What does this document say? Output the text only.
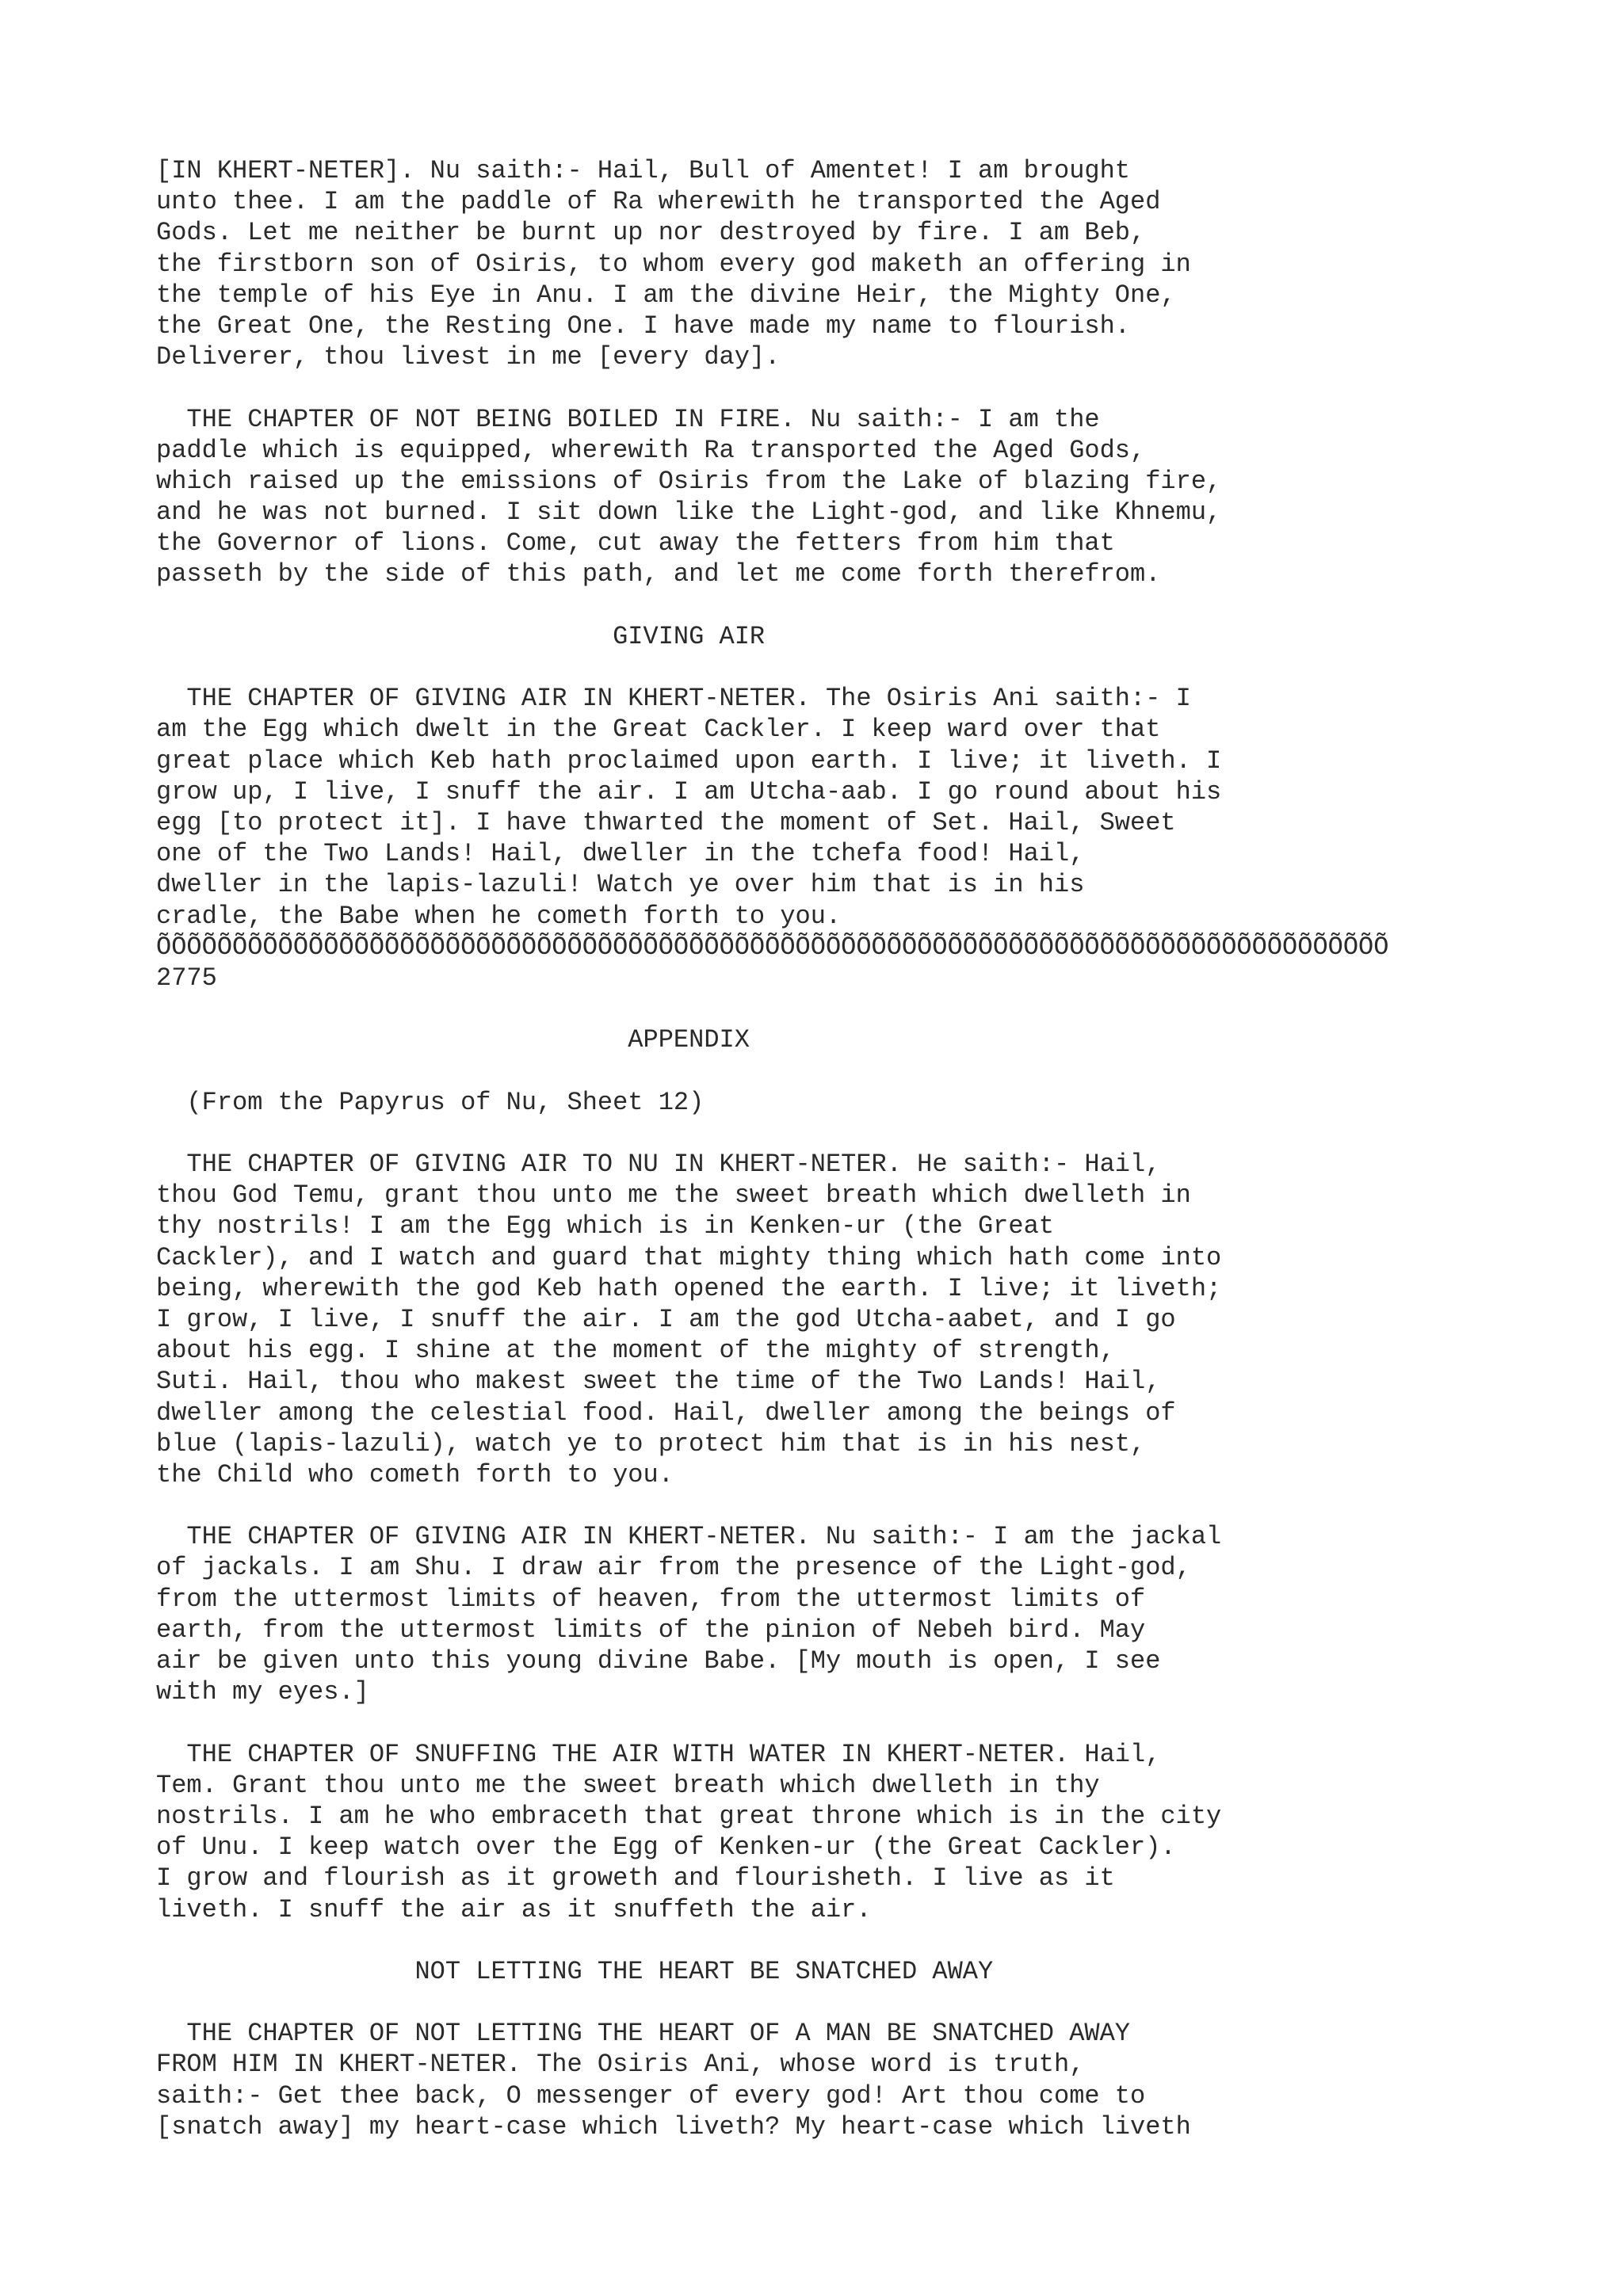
[IN KHERT-NETER]. Nu saith:- Hail, Bull of Amentet! I am brought
unto thee. I am the paddle of Ra wherewith he transported the Aged
Gods. Let me neither be burnt up nor destroyed by fire. I am Beb,
the firstborn son of Osiris, to whom every god maketh an offering in
the temple of his Eye in Anu. I am the divine Heir, the Mighty One,
the Great One, the Resting One. I have made my name to flourish.
Deliverer, thou livest in me [every day].
THE CHAPTER OF NOT BEING BOILED IN FIRE. Nu saith:- I am the
paddle which is equipped, wherewith Ra transported the Aged Gods,
which raised up the emissions of Osiris from the Lake of blazing fire,
and he was not burned. I sit down like the Light-god, and like Khnemu,
the Governor of lions. Come, cut away the fetters from him that
passeth by the side of this path, and let me come forth therefrom.
GIVING AIR
THE CHAPTER OF GIVING AIR IN KHERT-NETER. The Osiris Ani saith:- I
am the Egg which dwelt in the Great Cackler. I keep ward over that
great place which Keb hath proclaimed upon earth. I live; it liveth. I
grow up, I live, I snuff the air. I am Utcha-aab. I go round about his
egg [to protect it]. I have thwarted the moment of Set. Hail, Sweet
one of the Two Lands! Hail, dweller in the tchefa food! Hail,
dweller in the lapis-lazuli! Watch ye over him that is in his
cradle, the Babe when he cometh forth to you.
ÕÕÕÕÕÕÕÕÕÕÕÕÕÕÕÕÕÕÕÕÕÕÕÕÕÕÕÕÕÕÕÕÕÕÕÕÕÕÕÕÕÕÕÕÕÕÕÕÕÕÕÕÕÕÕÕÕÕÕÕÕÕÕÕÕÕÕÕÕÕÕÕÕÕÕÕÕÕÕÕÕ
2775
APPENDIX
(From the Papyrus of Nu, Sheet 12)
THE CHAPTER OF GIVING AIR TO NU IN KHERT-NETER. He saith:- Hail,
thou God Temu, grant thou unto me the sweet breath which dwelleth in
thy nostrils! I am the Egg which is in Kenken-ur (the Great
Cackler), and I watch and guard that mighty thing which hath come into
being, wherewith the god Keb hath opened the earth. I live; it liveth;
I grow, I live, I snuff the air. I am the god Utcha-aabet, and I go
about his egg. I shine at the moment of the mighty of strength,
Suti. Hail, thou who makest sweet the time of the Two Lands! Hail,
dweller among the celestial food. Hail, dweller among the beings of
blue (lapis-lazuli), watch ye to protect him that is in his nest,
the Child who cometh forth to you.
THE CHAPTER OF GIVING AIR IN KHERT-NETER. Nu saith:- I am the jackal
of jackals. I am Shu. I draw air from the presence of the Light-god,
from the uttermost limits of heaven, from the uttermost limits of
earth, from the uttermost limits of the pinion of Nebeh bird. May
air be given unto this young divine Babe. [My mouth is open, I see
with my eyes.]
THE CHAPTER OF SNUFFING THE AIR WITH WATER IN KHERT-NETER. Hail,
Tem. Grant thou unto me the sweet breath which dwelleth in thy
nostrils. I am he who embraceth that great throne which is in the city
of Unu. I keep watch over the Egg of Kenken-ur (the Great Cackler).
I grow and flourish as it groweth and flourisheth. I live as it
liveth. I snuff the air as it snuffeth the air.
NOT LETTING THE HEART BE SNATCHED AWAY
THE CHAPTER OF NOT LETTING THE HEART OF A MAN BE SNATCHED AWAY
FROM HIM IN KHERT-NETER. The Osiris Ani, whose word is truth,
saith:- Get thee back, O messenger of every god! Art thou come to
[snatch away] my heart-case which liveth? My heart-case which liveth
